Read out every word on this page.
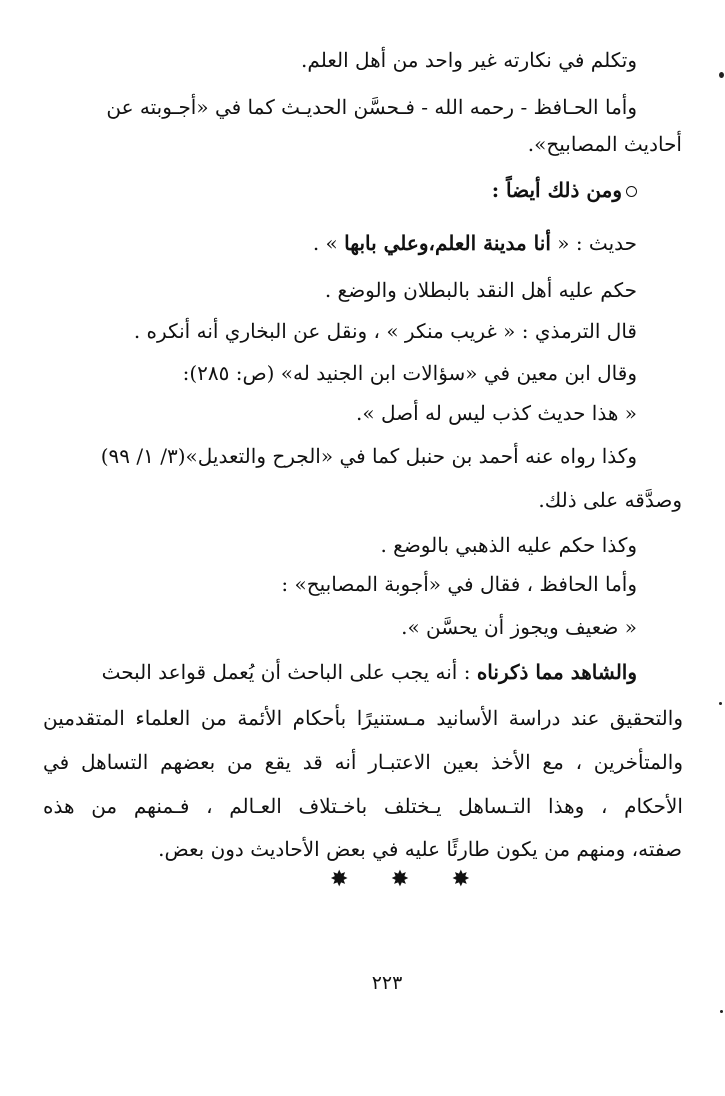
وتكلم في نكارته غير واحد من أهل العلم.
وأما الحـافظ - رحمه الله - فـحسَّن الحديـث كما في «أجـوبته عن
أحاديث المصابيح».
ومن ذلك أيضاً :
حديث : « أنا مدينة العلم،وعلي بابها » .
حكم عليه أهل النقد بالبطلان والوضع .
قال الترمذي : « غريب منكر » ، ونقل عن البخاري أنه أنكره .
وقال ابن معين في «سؤالات ابن الجنيد له» (ص: ٢٨٥):
« هذا حديث كذب ليس له أصل ».
وكذا رواه عنه أحمد بن حنبل كما في «الجرح والتعديل»(٣/ ١/ ٩٩)
وصدَّقه على ذلك.
وكذا حكم عليه الذهبي بالوضع .
وأما الحافظ ، فقال في «أجوبة المصابيح» :
« ضعيف ويجوز أن يحسَّن ».
والشاهد مما ذكرناه : أنه يجب على الباحث أن يُعمل قواعد البحث
والتحقيق عند دراسة الأسانيد مـستنيرًا بأحكام الأئمة من العلماء المتقدمين
والمتأخرين ، مع الأخذ بعين الاعتبـار أنه قد يقع من بعضهم التساهل في
الأحكام ، وهذا التـساهل يـختلف باخـتلاف العـالم ، فـمنهم من هذه
صفته، ومنهم من يكون طارئًا عليه في بعض الأحاديث دون بعض.
✸ ✸ ✸
٢٢٣
